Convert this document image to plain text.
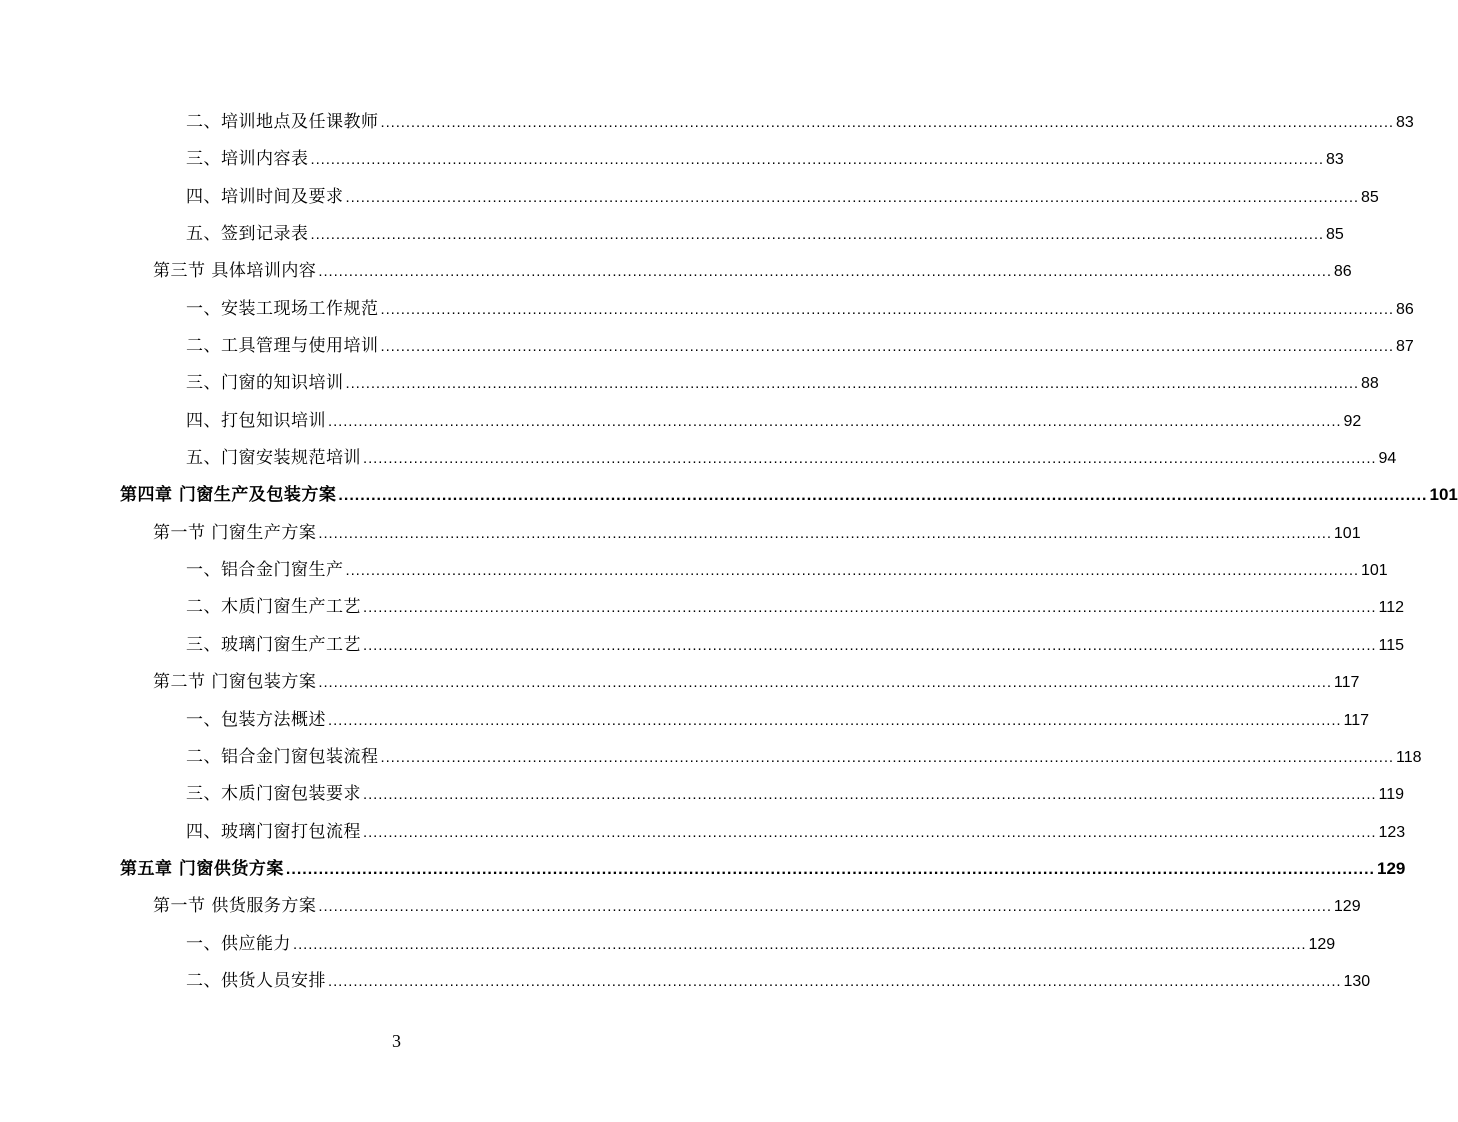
二、培训地点及任课教师 ........................................................................................................................................................................................................ 83
三、培训内容表 ........................................................................................................................................................................................................ 83
四、培训时间及要求 ........................................................................................................................................................................................................ 85
五、签到记录表 ........................................................................................................................................................................................................ 85
第三节 具体培训内容 ........................................................................................................................................................................................................ 86
一、安装工现场工作规范 ........................................................................................................................................................................................................ 86
二、工具管理与使用培训 ........................................................................................................................................................................................................ 87
三、门窗的知识培训 ........................................................................................................................................................................................................ 88
四、打包知识培训 ........................................................................................................................................................................................................ 92
五、门窗安装规范培训 ........................................................................................................................................................................................................ 94
第四章 门窗生产及包装方案 ........................................................................................................................................................................................................ 101
第一节 门窗生产方案 ........................................................................................................................................................................................................ 101
一、铝合金门窗生产 ........................................................................................................................................................................................................ 101
二、木质门窗生产工艺 ........................................................................................................................................................................................................ 112
三、玻璃门窗生产工艺 ........................................................................................................................................................................................................ 115
第二节 门窗包装方案 ........................................................................................................................................................................................................ 117
一、包装方法概述 ........................................................................................................................................................................................................ 117
二、铝合金门窗包装流程 ........................................................................................................................................................................................................ 118
三、木质门窗包装要求 ........................................................................................................................................................................................................ 119
四、玻璃门窗打包流程 ........................................................................................................................................................................................................ 123
第五章 门窗供货方案 ........................................................................................................................................................................................................ 129
第一节 供货服务方案 ........................................................................................................................................................................................................ 129
一、供应能力 ........................................................................................................................................................................................................ 129
二、供货人员安排 ........................................................................................................................................................................................................ 130
3
